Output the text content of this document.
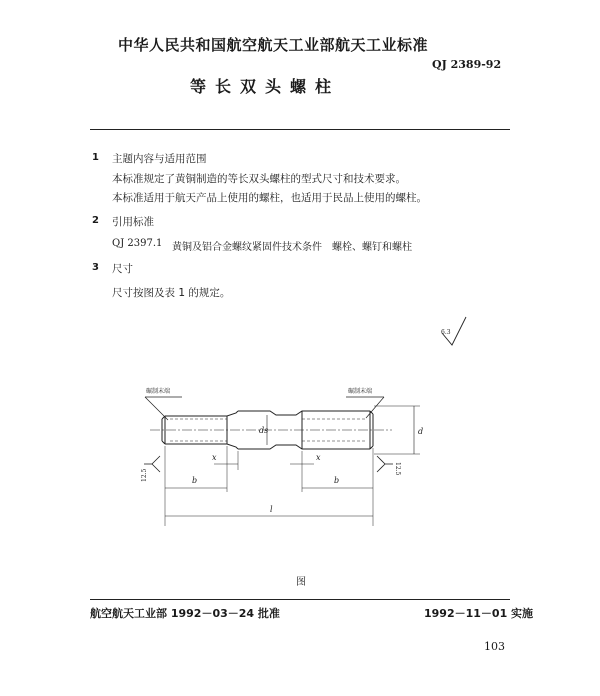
中华人民共和国航空航天工业部航天工业标准
QJ 2389-92
等长双头螺柱
1 主题内容与适用范围
本标准规定了黄铜制造的等长双头螺柱的型式尺寸和技术要求。
本标准适用于航天产品上使用的螺柱，也适用于民品上使用的螺柱。
2 引用标准
QJ 2397.1 黄铜及铝合金螺纹紧固件技术条件　螺栓、螺钉和螺柱
3 尺寸
尺寸按图及表 1 的规定。
6.3
碾制末端	碾制末端
d
ds
x	x
b	b
l
12.5	12.5
图
航空航天工业部 1992－03－24 批准	1992－11－01 实施
103
